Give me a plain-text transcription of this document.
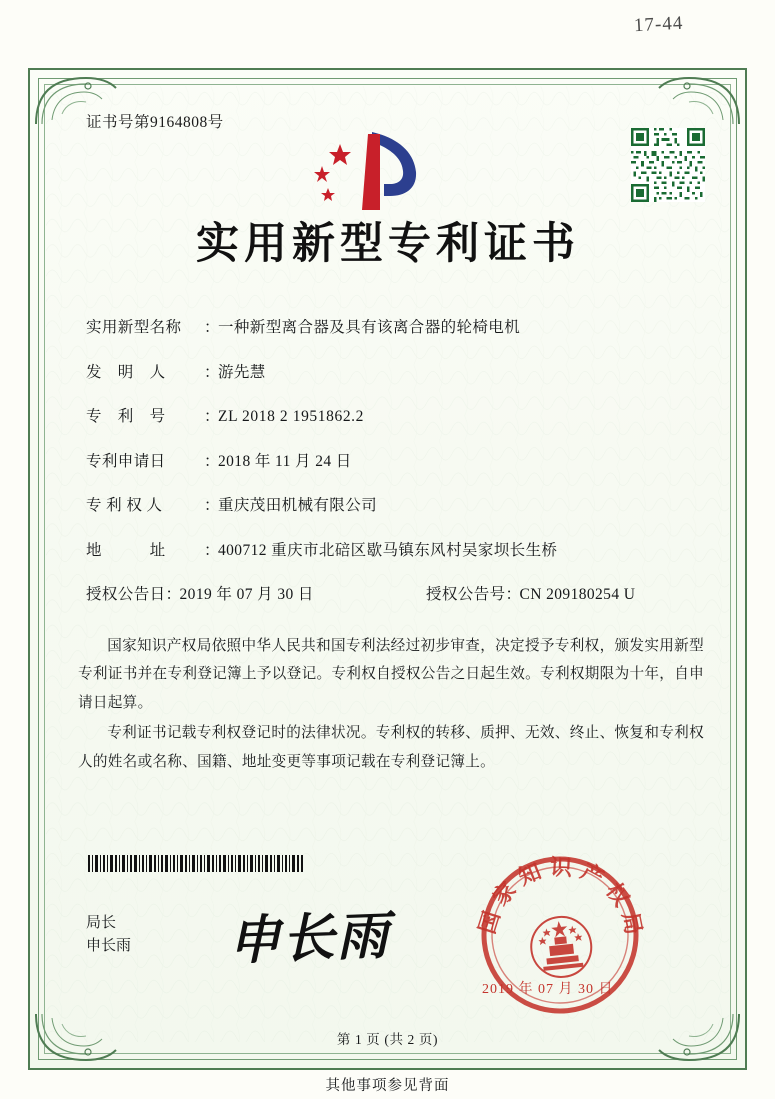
17-44
证书号第9164808号
实用新型专利证书
实用新型名称	：
一种新型离合器及具有该离合器的轮椅电机
发　明　人	：
游先慧
专　利　号	：
ZL 2018 2 1951862.2
专利申请日	：
2018 年 11 月 24 日
专 利 权 人	：
重庆茂田机械有限公司
地　　　址	：
400712 重庆市北碚区歇马镇东风村吴家坝长生桥
授权公告日 ：
2019 年 07 月 30 日	授权公告号 ：
CN 209180254 U

国家知识产权局依照中华人民共和国专利法经过初步审查，决定授予专利权，颁发实用新型专利证书并在专利登记簿上予以登记。专利权自授权公告之日起生效。专利权期限为十年，自申请日起算。

专利证书记载专利权登记时的法律状况。专利权的转移、质押、无效、终止、恢复和专利权人的姓名或名称、国籍、地址变更等事项记载在专利登记簿上。

局长
申长雨 申长雨	国家知识产权局
2019 年 07 月 30 日
第 1 页 (共 2 页)
其他事项参见背面
